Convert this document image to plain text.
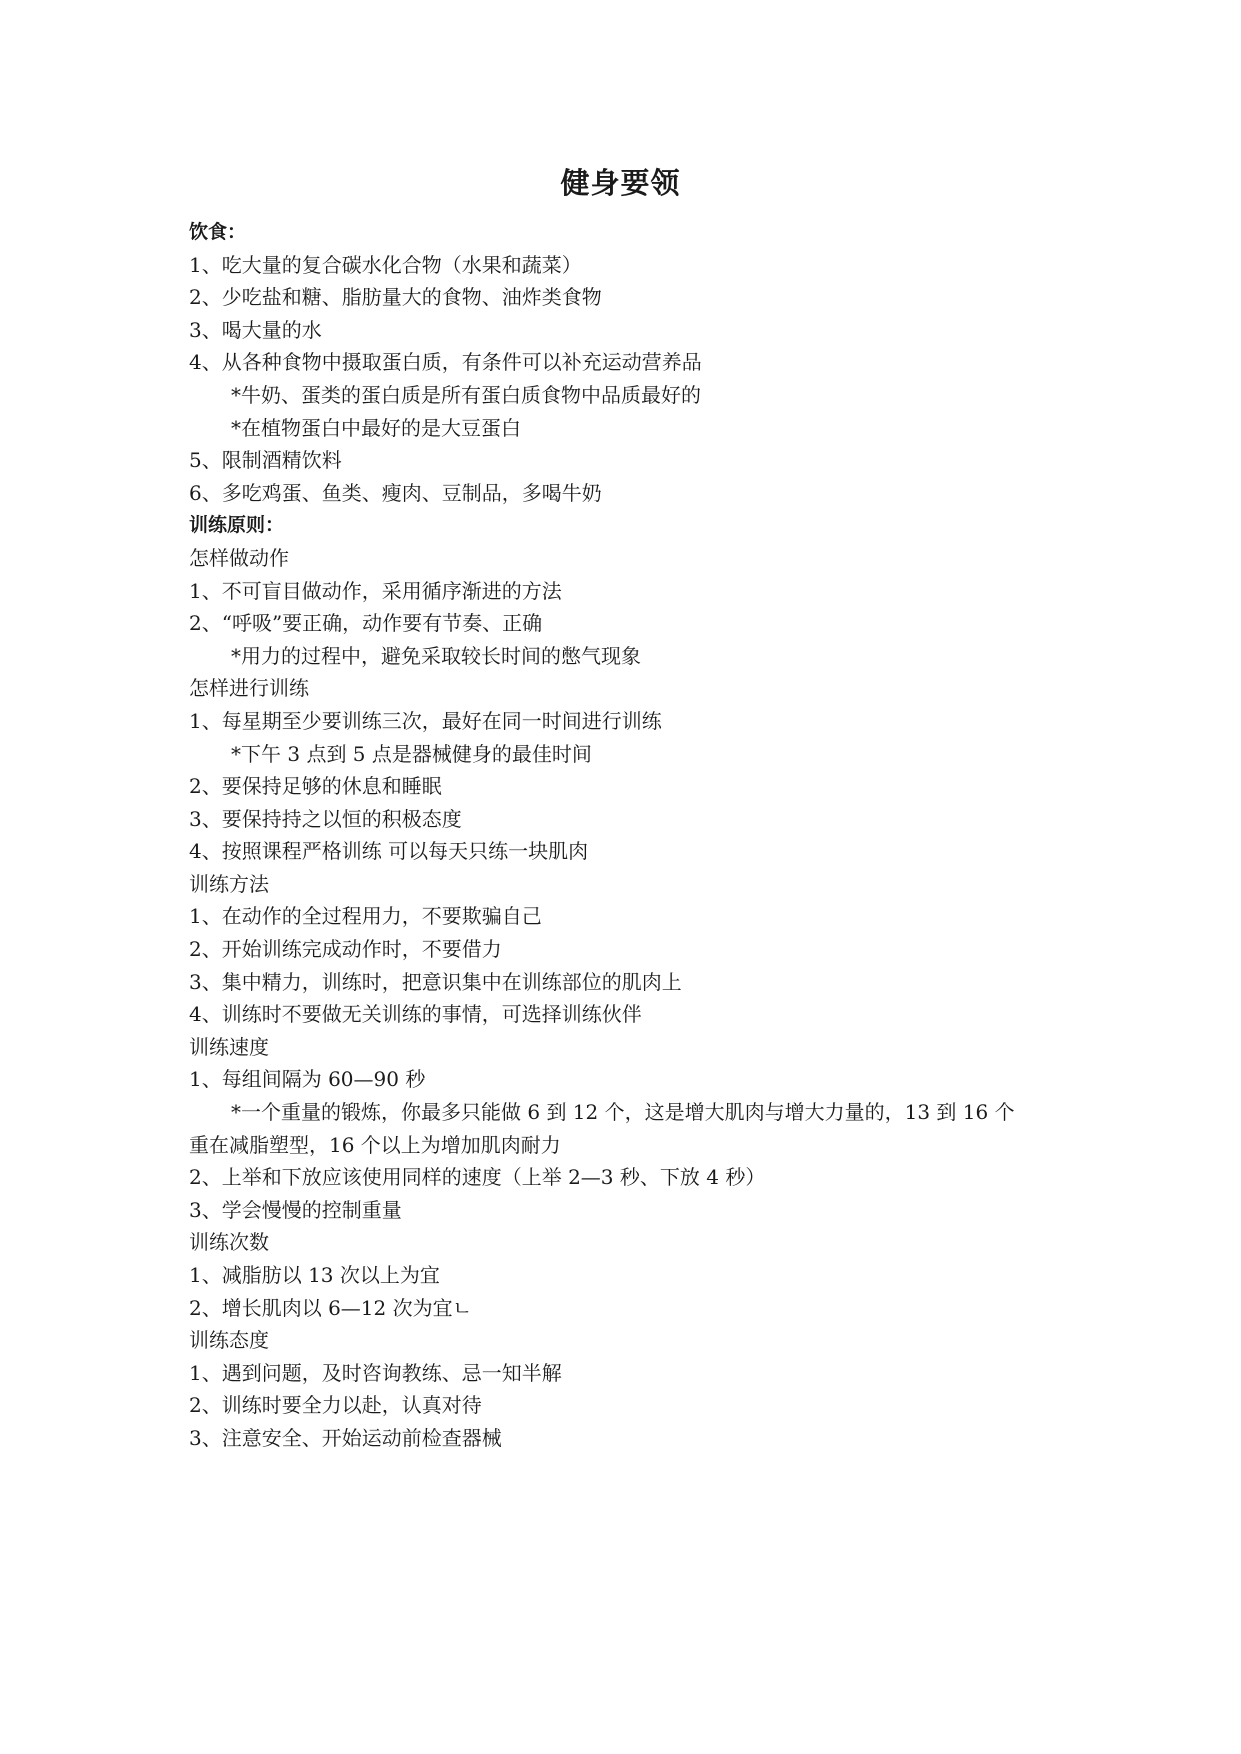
健身要领
饮食：
1、吃大量的复合碳水化合物（水果和蔬菜）
2、少吃盐和糖、脂肪量大的食物、油炸类食物
3、喝大量的水
4、从各种食物中摄取蛋白质，有条件可以补充运动营养品
*牛奶、蛋类的蛋白质是所有蛋白质食物中品质最好的
*在植物蛋白中最好的是大豆蛋白
5、限制酒精饮料
6、多吃鸡蛋、鱼类、瘦肉、豆制品，多喝牛奶
训练原则：
怎样做动作
1、不可盲目做动作，采用循序渐进的方法
2、“呼吸”要正确，动作要有节奏、正确
*用力的过程中，避免采取较长时间的憋气现象
怎样进行训练
1、每星期至少要训练三次，最好在同一时间进行训练
*下午 3 点到 5 点是器械健身的最佳时间
2、要保持足够的休息和睡眠
3、要保持持之以恒的积极态度
4、按照课程严格训练 可以每天只练一块肌肉
训练方法
1、在动作的全过程用力，不要欺骗自己
2、开始训练完成动作时，不要借力
3、集中精力，训练时，把意识集中在训练部位的肌肉上
4、训练时不要做无关训练的事情，可选择训练伙伴
训练速度
1、每组间隔为 60—90 秒
*一个重量的锻炼，你最多只能做 6 到 12 个，这是增大肌肉与增大力量的，13 到 16 个
重在减脂塑型，16 个以上为增加肌肉耐力
2、上举和下放应该使用同样的速度（上举 2—3 秒、下放 4 秒）
3、学会慢慢的控制重量
训练次数
1、减脂肪以 13 次以上为宜
2、增长肌肉以 6—12 次为宜ㄴ
训练态度
1、遇到问题，及时咨询教练、忌一知半解
2、训练时要全力以赴，认真对待
3、注意安全、开始运动前检查器械
